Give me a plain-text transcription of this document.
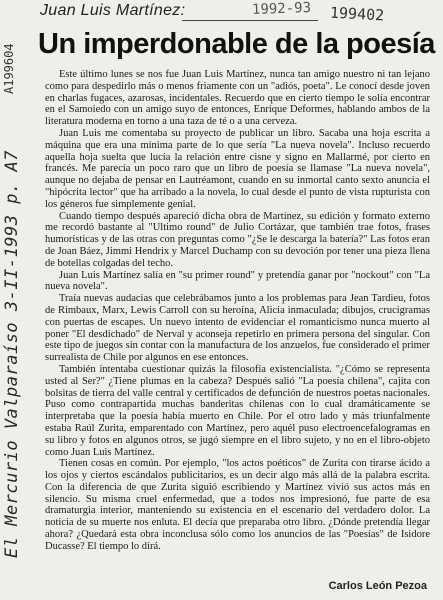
Juan Luis Martínez:	1992-93 199402
A199604
El Mercurio Valparaíso 3-II-1993 p. A7
Un imperdonable de la poesía

Este último lunes se nos fue Juan Luis Martínez, nunca tan amigo nuestro ni tan lejano como para despedirlo más o menos friamente con un "adiós, poeta". Le conocí desde joven en charlas fugaces, azarosas, incidentales. Recuerdo que en cierto tiempo le solía encontrar en el Samoiedo con un amigo suyo de entonces, Enrique Deformes, hablando ambos de la literatura moderna en torno a una taza de té o a una cerveza.

Juan Luis me comentaba su proyecto de publicar un libro. Sacaba una hoja escrita a máquina que era una mínima parte de lo que sería "La nueva novela". Incluso recuerdo aquella hoja suelta que lucía la relación entre cisne y signo en Mallarmé, por cierto en francés. Me parecía un poco raro que un libro de poesía se llamase "La nueva novela", aunque no dejaba de pensar en Lautréamont, cuando en su inmortal canto sexto anuncia el "hipócrita lector" que ha arribado a la novela, lo cual desde el punto de vista rupturista con los géneros fue simplemente genial.

Cuando tiempo después apareció dicha obra de Martínez, su edición y formato externo me recordó bastante al "Ultimo round" de Julio Cortázar, que también trae fotos, frases humorísticas y de las otras con preguntas como "¿Se le descarga la batería?" Las fotos eran de Joan Báez, Jimmi Hendrix y Marcel Duchamp con su devoción por tener una pieza llena de botellas colgadas del techo.

Juan Luis Martínez salía en "su primer round" y pretendía ganar por "nockout" con "La nueva novela".

Traía nuevas audacias que celebrábamos junto a los problemas para Jean Tardieu, fotos de Rimbaux, Marx, Lewis Carroll con su heroína, Alicia inmaculada; dibujos, crucigramas con puertas de escapes. Un nuevo intento de evidenciar el romanticismo nunca muerto al poner "El desdichado" de Nerval y aconseja repetirlo en primera persona del singular. Con este tipo de juegos sin contar con la manufactura de los anzuelos, fue considerado el primer surrealista de Chile por algunos en ese entonces.

También intentaba cuestionar quizás la filosofía existencialista. "¿Cómo se representa usted al Ser?" ¿Tiene plumas en la cabeza? Después salió "La poesía chilena", cajita con bolsitas de tierra del valle central y certificados de defunción de nuestros poetas nacionales. Puso como contrapartida muchas banderitas chilenas con lo cual dramáticamente se interpretaba que la poesía había muerto en Chile. Por el otro lado y más triunfalmente estaba Raúl Zurita, emparentado con Martínez, pero aquél puso electroencefalogramas en su libro y fotos en algunos otros, se jugó siempre en el libro sujeto, y no en el libro-objeto como Juan Luis Martínez.

Tienen cosas en común. Por ejemplo, "los actos poéticos" de Zurita con tirarse ácido a los ojos y ciertos escándalos publicitarios, es un decir algo más allá de la palabra escrita. Con la diferencia de que Zurita siguió escribiendo y Martínez vivió sus actos más en silencio. Su misma cruel enfermedad, que a todos nos impresionó, fue parte de esa dramaturgia interior, manteniendo su existencia en el escenario del verdadero dolor. La noticia de su muerte nos enluta. El decía que preparaba otro libro. ¿Dónde pretendía llegar ahora? ¿Quedará esta obra inconclusa sólo como los anuncios de las "Poesías" de Isidore Ducasse? El tiempo lo dirá.

Carlos León Pezoa
